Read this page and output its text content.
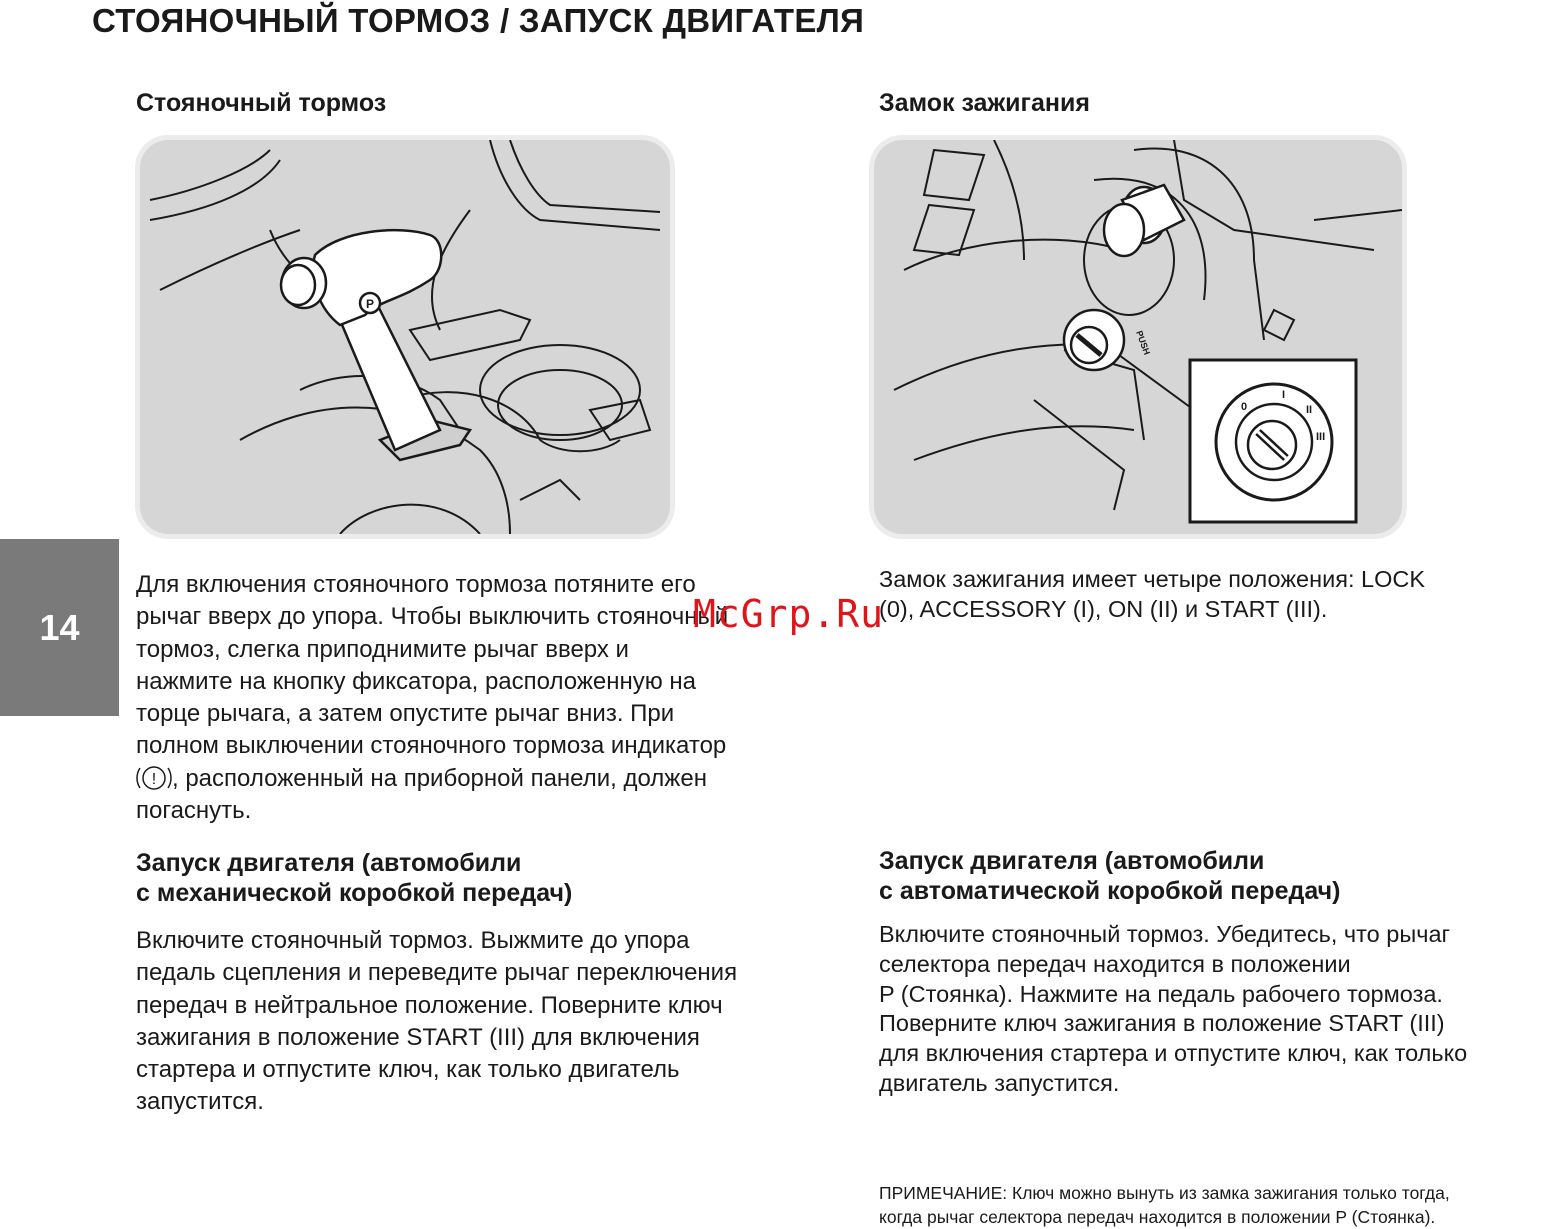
СТОЯНОЧНЫЙ ТОРМОЗ / ЗАПУСК ДВИГАТЕЛЯ
Стояночный тормоз	Замок зажигания
P
PUSH
0
I
II
III
14
Для включения стояночного тормоза потяните его
рычаг вверх до упора. Чтобы выключить стояночный
тормоз, слегка приподнимите рычаг вверх и
нажмите на кнопку фиксатора, расположенную на
торце рычага, а затем опустите рычаг вниз. При
полном выключении стояночного тормоза индикатор
! , расположенный на приборной панели, должен
погаснуть.
Замок зажигания имеет четыре положения: LOCK
(0), ACCESSORY (I), ON (II) и START (III).
McGrp.Ru
Запуск двигателя (автомобили
с механической коробкой передач)
Включите стояночный тормоз. Выжмите до упора
педаль сцепления и переведите рычаг переключения
передач в нейтральное положение. Поверните ключ
зажигания в положение START (III) для включения
стартера и отпустите ключ, как только двигатель
запустится.
Запуск двигателя (автомобили
с автоматической коробкой передач)
Включите стояночный тормоз. Убедитесь, что рычаг
селектора передач находится в положении
P (Стоянка). Нажмите на педаль рабочего тормоза.
Поверните ключ зажигания в положение START (III)
для включения стартера и отпустите ключ, как только
двигатель запустится.
ПРИМЕЧАНИЕ: Ключ можно вынуть из замка зажигания только тогда,
когда рычаг селектора передач находится в положении P (Стоянка).
